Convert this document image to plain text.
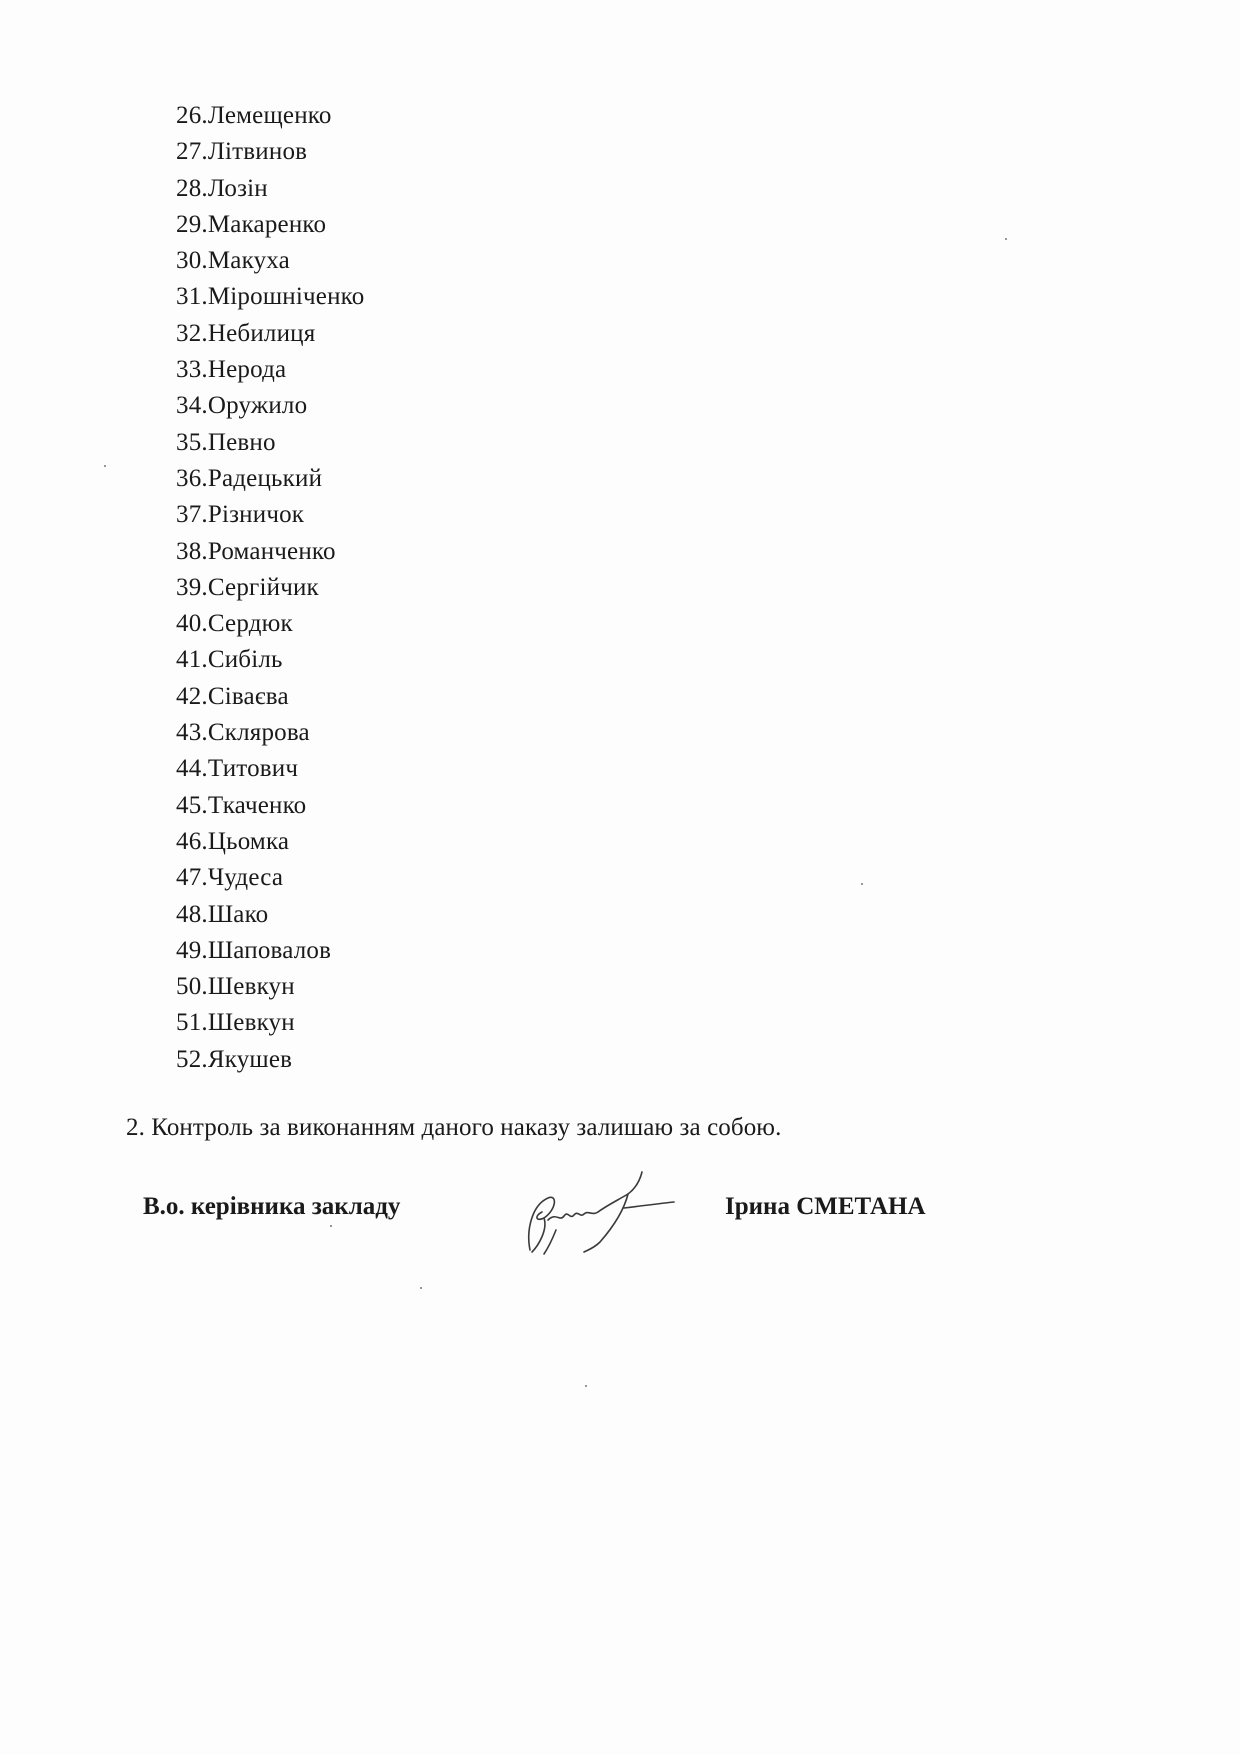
26.Лемещенко
27.Літвинов
28.Лозін
29.Макаренко
30.Макуха
31.Мірошніченко
32.Небилиця
33.Нерода
34.Оружило
35.Певно
36.Радецький
37.Різничок
38.Романченко
39.Сергійчик
40.Сердюк
41.Сибіль
42.Сіваєва
43.Склярова
44.Титович
45.Ткаченко
46.Цьомка
47.Чудеса
48.Шако
49.Шаповалов
50.Шевкун
51.Шевкун
52.Якушев
2. Контроль за виконанням даного наказу залишаю за собою.
В.о. керівника закладу	Ірина СМЕТАНА
